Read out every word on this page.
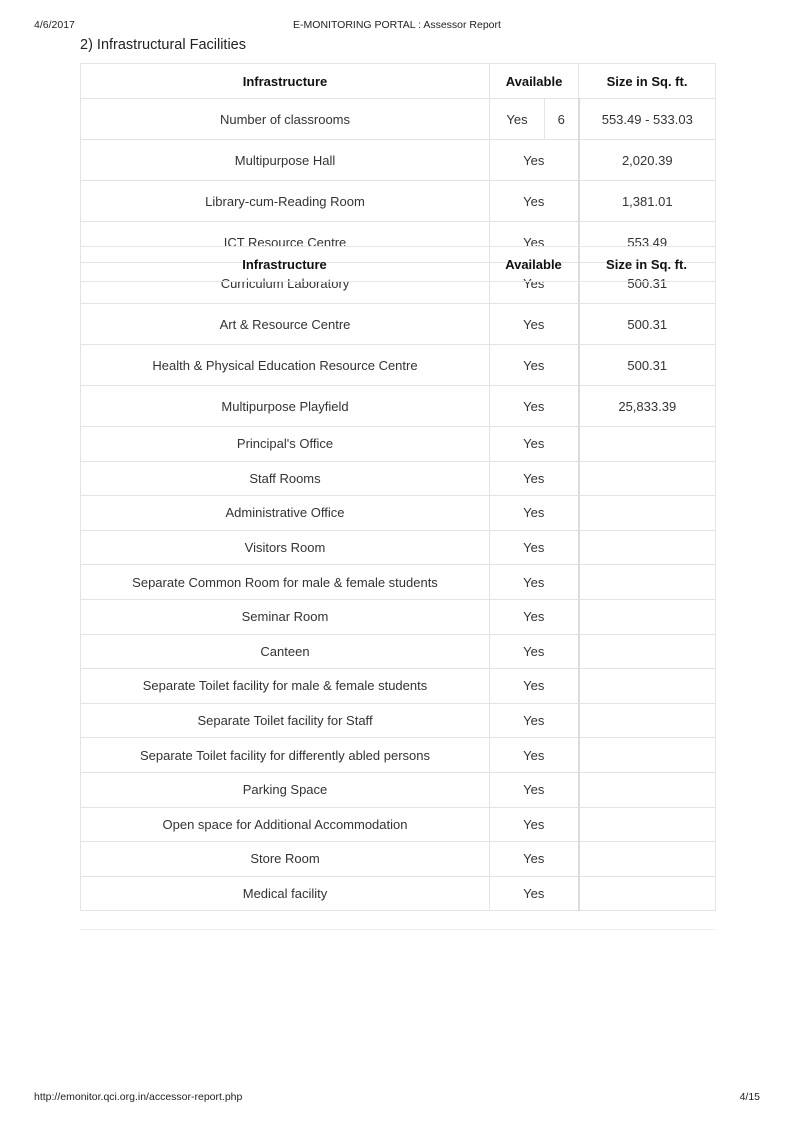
4/6/2017	E-MONITORING PORTAL : Assessor Report
2) Infrastructural Facilities
Infrastructure	Available		Size in Sq. ft.
Number of classrooms	Yes	6	553.49 - 533.03
Multipurpose Hall	Yes		2,020.39
Library-cum-Reading Room	Yes		1,381.01
ICT Resource Centre	Yes		553.49
Curriculum Laboratory	Yes		500.31
Art & Resource Centre	Yes		500.31
Health & Physical Education Resource Centre	Yes		500.31
Multipurpose Playfield	Yes		25,833.39
Principal's Office	Yes		
Staff Rooms	Yes		
Administrative Office	Yes		
Visitors Room	Yes		
Separate Common Room for male & female students	Yes		
Seminar Room	Yes		
Canteen	Yes		
Separate Toilet facility for male & female students	Yes		
Separate Toilet facility for Staff	Yes		
Separate Toilet facility for differently abled persons	Yes		
Parking Space	Yes		
Open space for Additional Accommodation	Yes		
Store Room	Yes		
Medical facility	Yes		
Infrastructure	Available	Size in Sq. ft.
http://emonitor.qci.org.in/accessor-report.php	4/15
